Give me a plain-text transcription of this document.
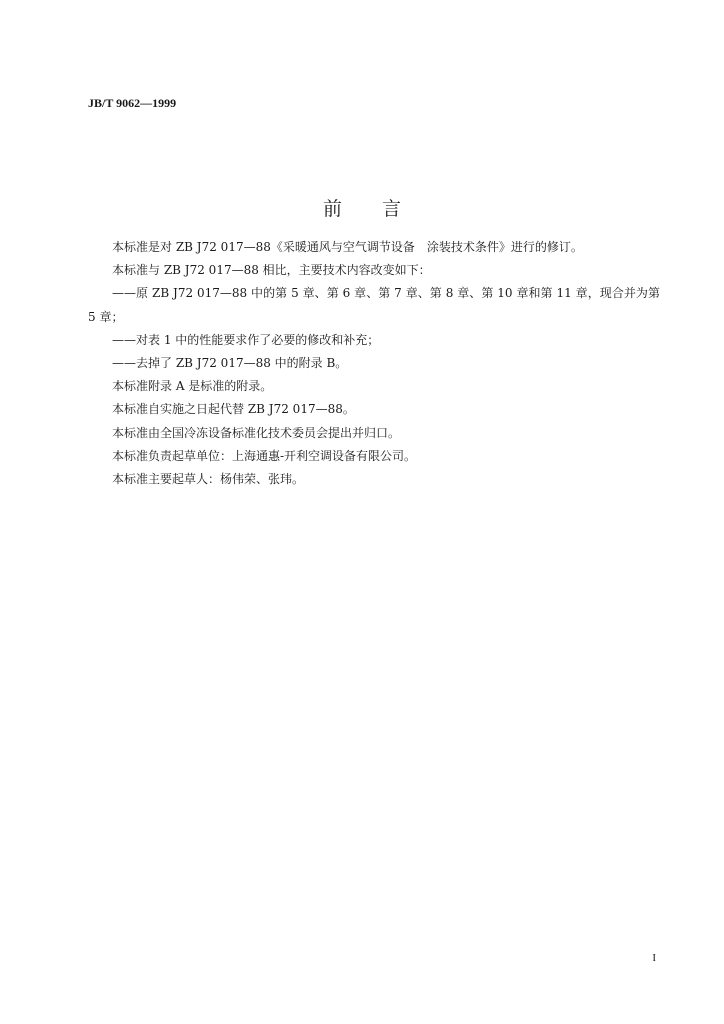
JB/T 9062—1999
前 言

本标准是对 ZB J72 017—88《采暖通风与空气调节设备　涂装技术条件》进行的修订。

本标准与 ZB J72 017—88 相比，主要技术内容改变如下：

——原 ZB J72 017—88 中的第 5 章、第 6 章、第 7 章、第 8 章、第 10 章和第 11 章，现合并为第 5 章；

——对表 1 中的性能要求作了必要的修改和补充；

——去掉了 ZB J72 017—88 中的附录 B。

本标准附录 A 是标准的附录。

本标准自实施之日起代替 ZB J72 017—88。

本标准由全国冷冻设备标准化技术委员会提出并归口。

本标准负责起草单位：上海通惠-开利空调设备有限公司。

本标准主要起草人：杨伟荣、张玮。

I
